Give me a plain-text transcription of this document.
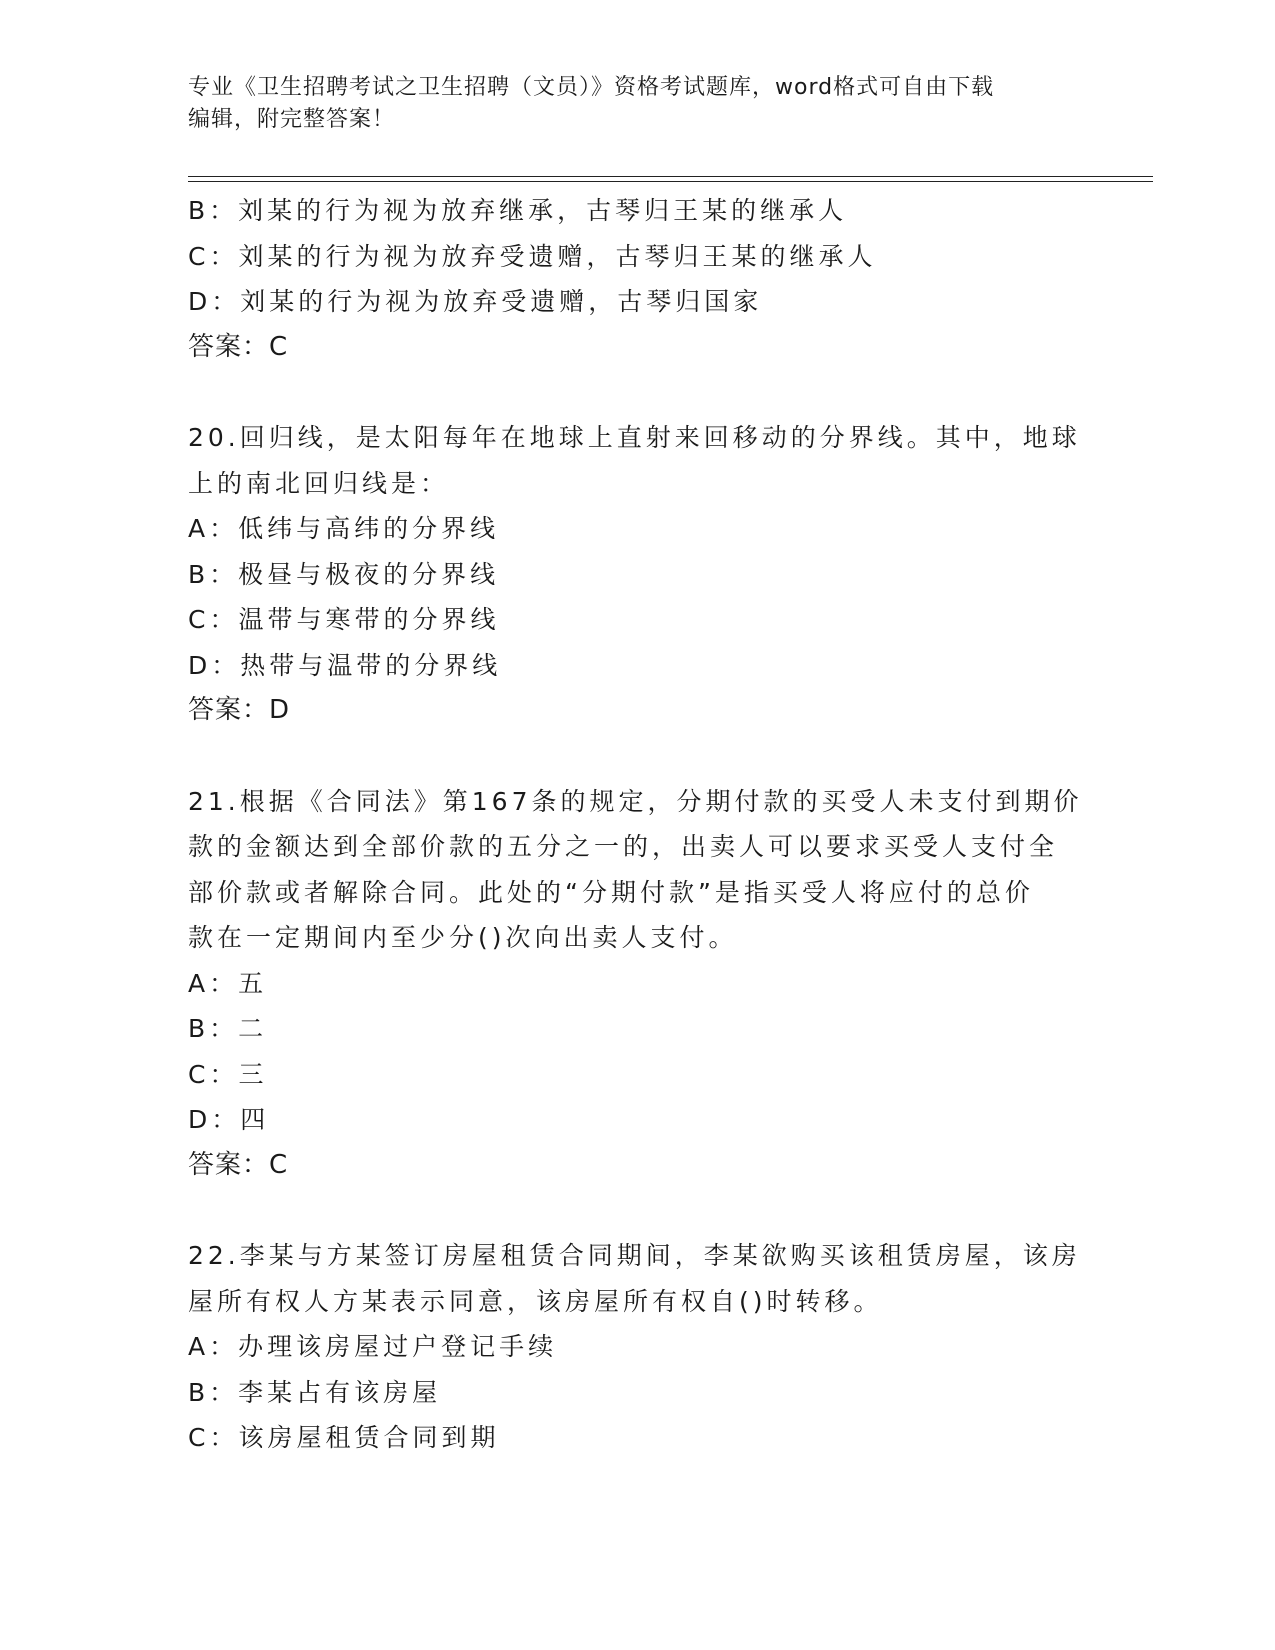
专业《卫生招聘考试之卫生招聘（文员）》资格考试题库，word格式可自由下载
编辑，附完整答案！
B：刘某的行为视为放弃继承，古琴归王某的继承人
C：刘某的行为视为放弃受遗赠，古琴归王某的继承人
D：刘某的行为视为放弃受遗赠，古琴归国家
答案：C
20.回归线，是太阳每年在地球上直射来回移动的分界线。其中，地球
上的南北回归线是：
A：低纬与高纬的分界线
B：极昼与极夜的分界线
C：温带与寒带的分界线
D：热带与温带的分界线
答案：D
21.根据《合同法》第167条的规定，分期付款的买受人未支付到期价
款的金额达到全部价款的五分之一的，出卖人可以要求买受人支付全
部价款或者解除合同。此处的“分期付款”是指买受人将应付的总价
款在一定期间内至少分()次向出卖人支付。
A：五
B：二
C：三
D：四
答案：C
22.李某与方某签订房屋租赁合同期间，李某欲购买该租赁房屋，该房
屋所有权人方某表示同意，该房屋所有权自()时转移。
A：办理该房屋过户登记手续
B：李某占有该房屋
C：该房屋租赁合同到期
